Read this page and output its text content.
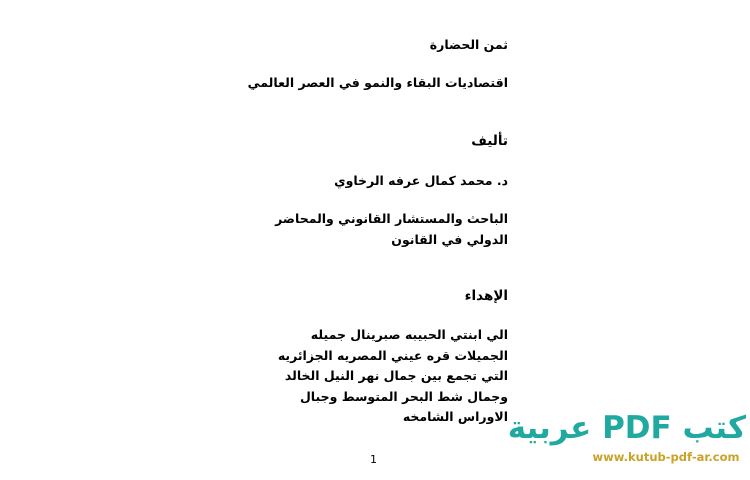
ثمن الحضارة
اقتصاديات البقاء والنمو في العصر العالمي
تأليف
د. محمد كمال عرفه الرخاوي
الباحث والمستشار القانوني والمحاضر الدولي في القانون
الإهداء
الي ابنتي الحبيبه صبرينال جميله الجميلات قره عيني المصريه الجزائريه التي تجمع بين جمال نهر النيل الخالد وجمال شط البحر المتوسط وجبال الاوراس الشامخه
1
كتب PDF عربية
www.kutub-pdf-ar.com
